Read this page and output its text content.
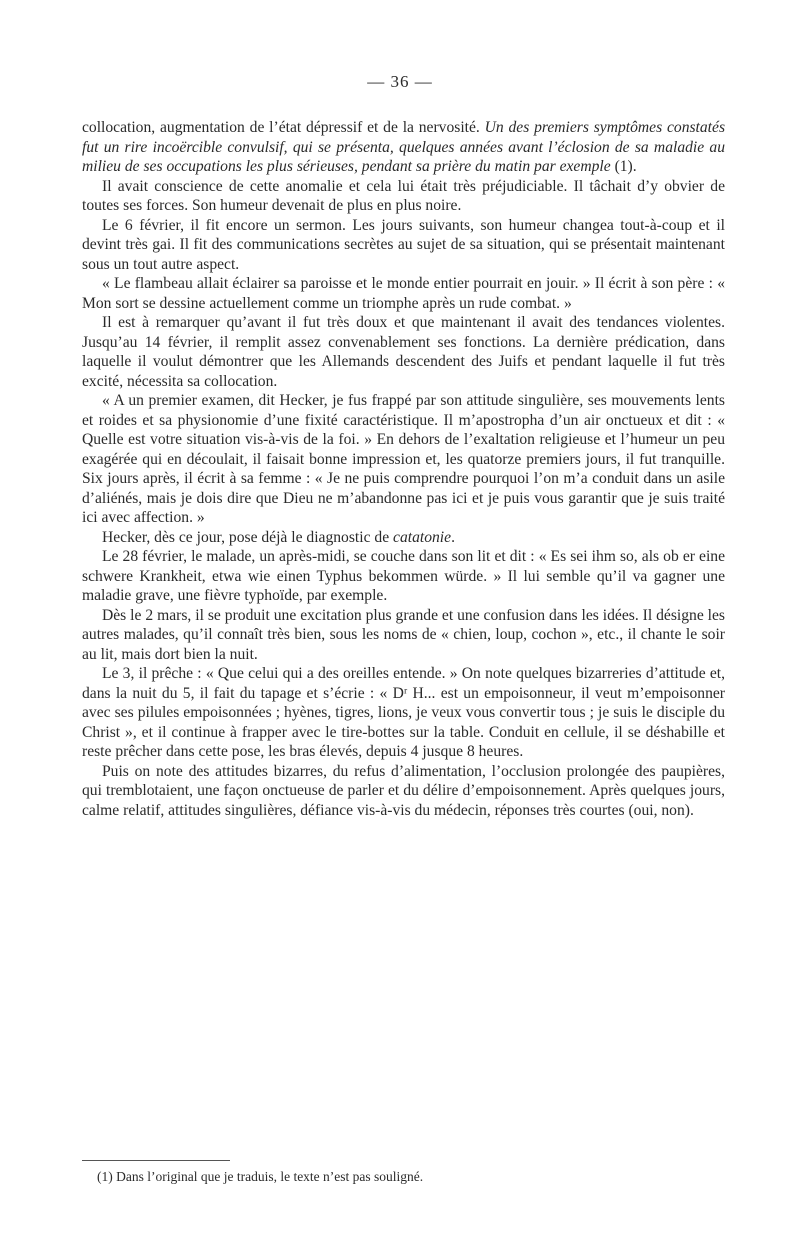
— 36 —

collocation, augmentation de l’état dépressif et de la nervosité. Un des premiers symptômes constatés fut un rire incoërcible convulsif, qui se présenta, quelques années avant l’éclosion de sa maladie au milieu de ses occupations les plus sérieuses, pendant sa prière du matin par exemple (1).

Il avait conscience de cette anomalie et cela lui était très préjudiciable. Il tâchait d’y obvier de toutes ses forces. Son humeur devenait de plus en plus noire.

Le 6 février, il fit encore un sermon. Les jours suivants, son humeur changea tout-à-coup et il devint très gai. Il fit des communications secrètes au sujet de sa situation, qui se présentait maintenant sous un tout autre aspect.

« Le flambeau allait éclairer sa paroisse et le monde entier pourrait en jouir. » Il écrit à son père : « Mon sort se dessine actuellement comme un triomphe après un rude combat. »

Il est à remarquer qu’avant il fut très doux et que maintenant il avait des tendances violentes. Jusqu’au 14 février, il remplit assez convenablement ses fonctions. La dernière prédication, dans laquelle il voulut démontrer que les Allemands descendent des Juifs et pendant laquelle il fut très excité, nécessita sa collocation.

« A un premier examen, dit Hecker, je fus frappé par son attitude singulière, ses mouvements lents et roides et sa physionomie d’une fixité caractéristique. Il m’apostropha d’un air onctueux et dit : « Quelle est votre situation vis-à-vis de la foi. » En dehors de l’exaltation religieuse et l’humeur un peu exagérée qui en découlait, il faisait bonne impression et, les quatorze premiers jours, il fut tranquille. Six jours après, il écrit à sa femme : « Je ne puis comprendre pourquoi l’on m’a conduit dans un asile d’aliénés, mais je dois dire que Dieu ne m’abandonne pas ici et je puis vous garantir que je suis traité ici avec affection. »

Hecker, dès ce jour, pose déjà le diagnostic de catatonie.

Le 28 février, le malade, un après-midi, se couche dans son lit et dit : « Es sei ihm so, als ob er eine schwere Krankheit, etwa wie einen Typhus bekommen würde. » Il lui semble qu’il va gagner une maladie grave, une fièvre typhoïde, par exemple.

Dès le 2 mars, il se produit une excitation plus grande et une confusion dans les idées. Il désigne les autres malades, qu’il connaît très bien, sous les noms de « chien, loup, cochon », etc., il chante le soir au lit, mais dort bien la nuit.

Le 3, il prêche : « Que celui qui a des oreilles entende. » On note quelques bizarreries d’attitude et, dans la nuit du 5, il fait du tapage et s’écrie : « Dʳ H... est un empoisonneur, il veut m’empoisonner avec ses pilules empoisonnées ; hyènes, tigres, lions, je veux vous convertir tous ; je suis le disciple du Christ », et il continue à frapper avec le tire-bottes sur la table. Conduit en cellule, il se déshabille et reste prêcher dans cette pose, les bras élevés, depuis 4 jusque 8 heures.

Puis on note des attitudes bizarres, du refus d’alimentation, l’occlusion prolongée des paupières, qui tremblotaient, une façon onctueuse de parler et du délire d’empoisonnement. Après quelques jours, calme relatif, attitudes singulières, défiance vis-à-vis du médecin, réponses très courtes (oui, non).

(1) Dans l’original que je traduis, le texte n’est pas souligné.
